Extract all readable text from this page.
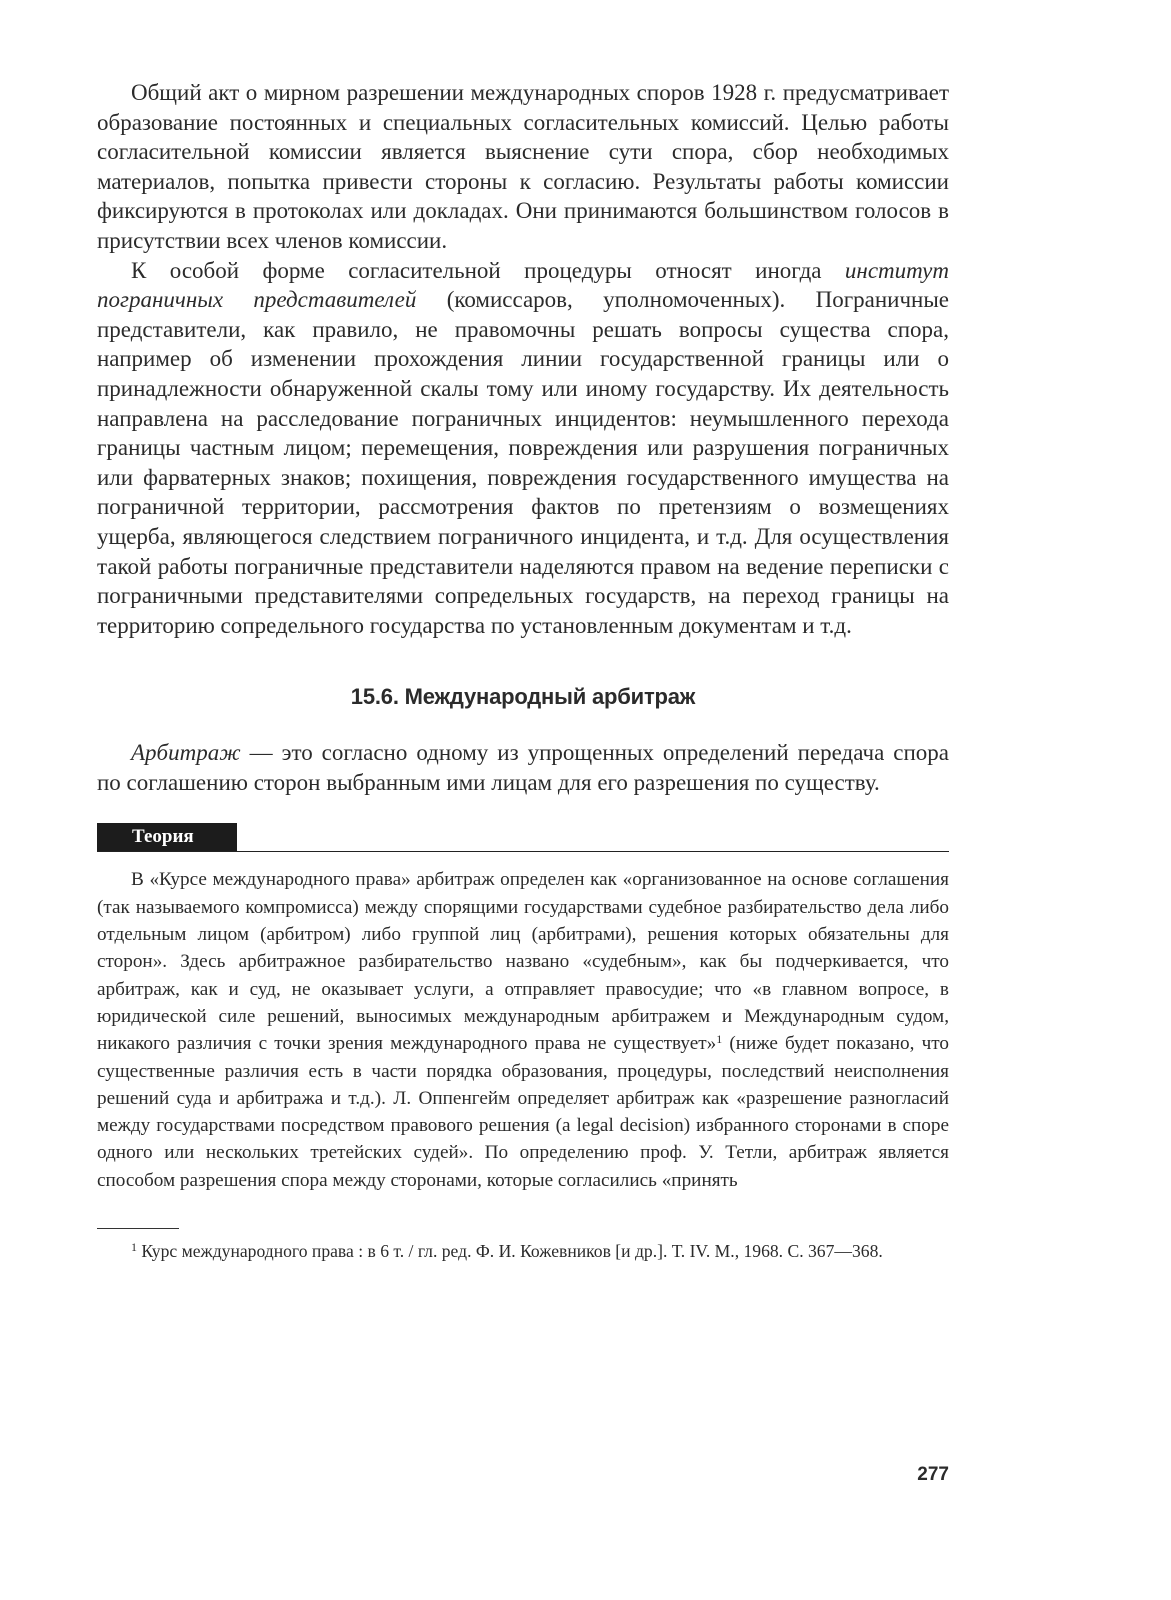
Общий акт о мирном разрешении международных споров 1928 г. предусматривает образование постоянных и специальных согласительных комиссий. Целью работы согласительной комиссии является выяснение сути спора, сбор необходимых материалов, попытка привести стороны к согласию. Результаты работы комиссии фиксируются в протоколах или докладах. Они принимаются большинством голосов в присутствии всех членов комиссии.

К особой форме согласительной процедуры относят иногда институт пограничных представителей (комиссаров, уполномоченных). Пограничные представители, как правило, не правомочны решать вопросы существа спора, например об изменении прохождения линии государственной границы или о принадлежности обнаруженной скалы тому или иному государству. Их деятельность направлена на расследование пограничных инцидентов: неумышленного перехода границы частным лицом; перемещения, повреждения или разрушения пограничных или фарватерных знаков; похищения, повреждения государственного имущества на пограничной территории, рассмотрения фактов по претензиям о возмещениях ущерба, являющегося следствием пограничного инцидента, и т.д. Для осуществления такой работы пограничные представители наделяются правом на ведение переписки с пограничными представителями сопредельных государств, на переход границы на территорию сопредельного государства по установленным документам и т.д.

15.6. Международный арбитраж

Арбитраж — это согласно одному из упрощенных определений передача спора по соглашению сторон выбранным ими лицам для его разрешения по существу.

Теория

В «Курсе международного права» арбитраж определен как «организованное на основе соглашения (так называемого компромисса) между спорящими государствами судебное разбирательство дела либо отдельным лицом (арбитром) либо группой лиц (арбитрами), решения которых обязательны для сторон». Здесь арбитражное разбирательство названо «судебным», как бы подчеркивается, что арбитраж, как и суд, не оказывает услуги, а отправляет правосудие; что «в главном вопросе, в юридической силе решений, выносимых международным арбитражем и Международным судом, никакого различия с точки зрения международного права не существует»$^1$ (ниже будет показано, что существенные различия есть в части порядка образования, процедуры, последствий неисполнения решений суда и арбитража и т.д.). Л. Оппенгейм определяет арбитраж как «разрешение разногласий между государствами посредством правового решения (a legal decision) избранного сторонами в споре одного или нескольких третейских судей». По определению проф. У. Тетли, арбитраж является способом разрешения спора между сторонами, которые согласились «принять

$^1$ Курс международного права : в 6 т. / гл. ред. Ф. И. Кожевников [и др.]. Т. IV. М., 1968. С. 367—368.

277
